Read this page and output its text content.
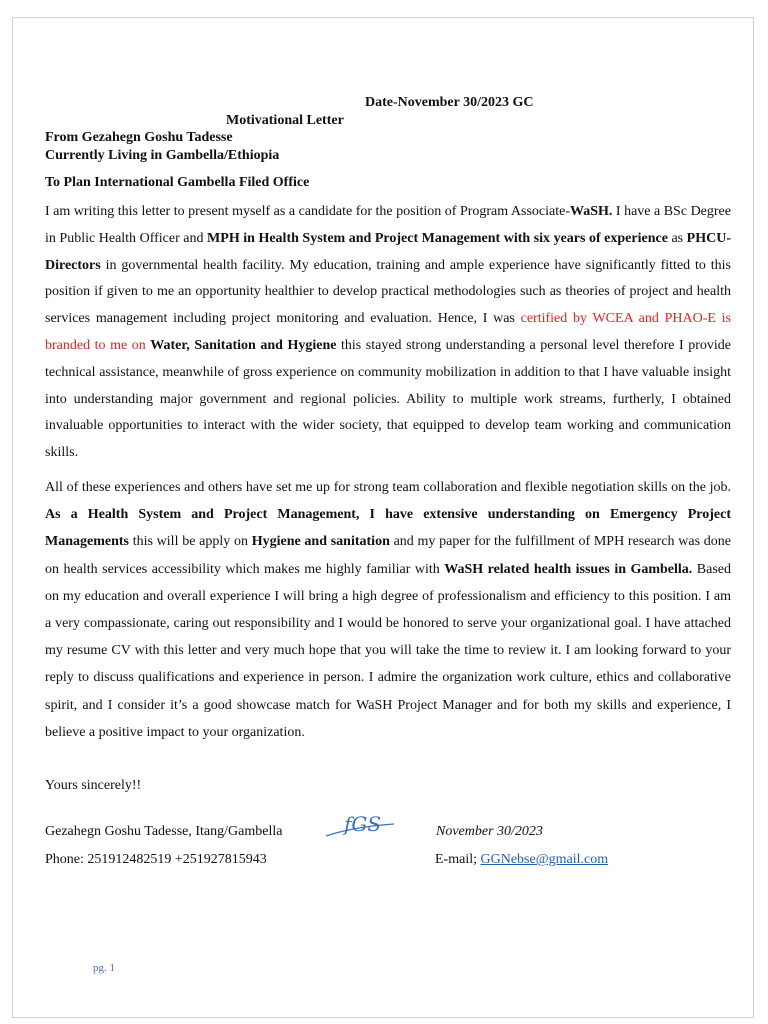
Date-November 30/2023 GC
Motivational Letter
From Gezahegn Goshu Tadesse
Currently Living in Gambella/Ethiopia
To Plan International Gambella Filed Office
I am writing this letter to present myself as a candidate for the position of Program Associate-WaSH. I have a BSc Degree in Public Health Officer and MPH in Health System and Project Management with six years of experience as PHCU-Directors in governmental health facility. My education, training and ample experience have significantly fitted to this position if given to me an opportunity healthier to develop practical methodologies such as theories of project and health services management including project monitoring and evaluation. Hence, I was certified by WCEA and PHAO-E is branded to me on Water, Sanitation and Hygiene this stayed strong understanding a personal level therefore I provide technical assistance, meanwhile of gross experience on community mobilization in addition to that I have valuable insight into understanding major government and regional policies. Ability to multiple work streams, furtherly, I obtained invaluable opportunities to interact with the wider society, that equipped to develop team working and communication skills.
All of these experiences and others have set me up for strong team collaboration and flexible negotiation skills on the job. As a Health System and Project Management, I have extensive understanding on Emergency Project Managements this will be apply on Hygiene and sanitation and my paper for the fulfillment of MPH research was done on health services accessibility which makes me highly familiar with WaSH related health issues in Gambella. Based on my education and overall experience I will bring a high degree of professionalism and efficiency to this position. I am a very compassionate, caring out responsibility and I would be honored to serve your organizational goal. I have attached my resume CV with this letter and very much hope that you will take the time to review it. I am looking forward to your reply to discuss qualifications and experience in person. I admire the organization work culture, ethics and collaborative spirit, and I consider it’s a good showcase match for WaSH Project Manager and for both my skills and experience, I believe a positive impact to your organization.
Yours sincerely!!
Gezahegn Goshu Tadesse, Itang/Gambella	fGS	November 30/2023
Phone: 251912482519 +251927815943	E-mail; GGNebse@gmail.com
pg. 1
